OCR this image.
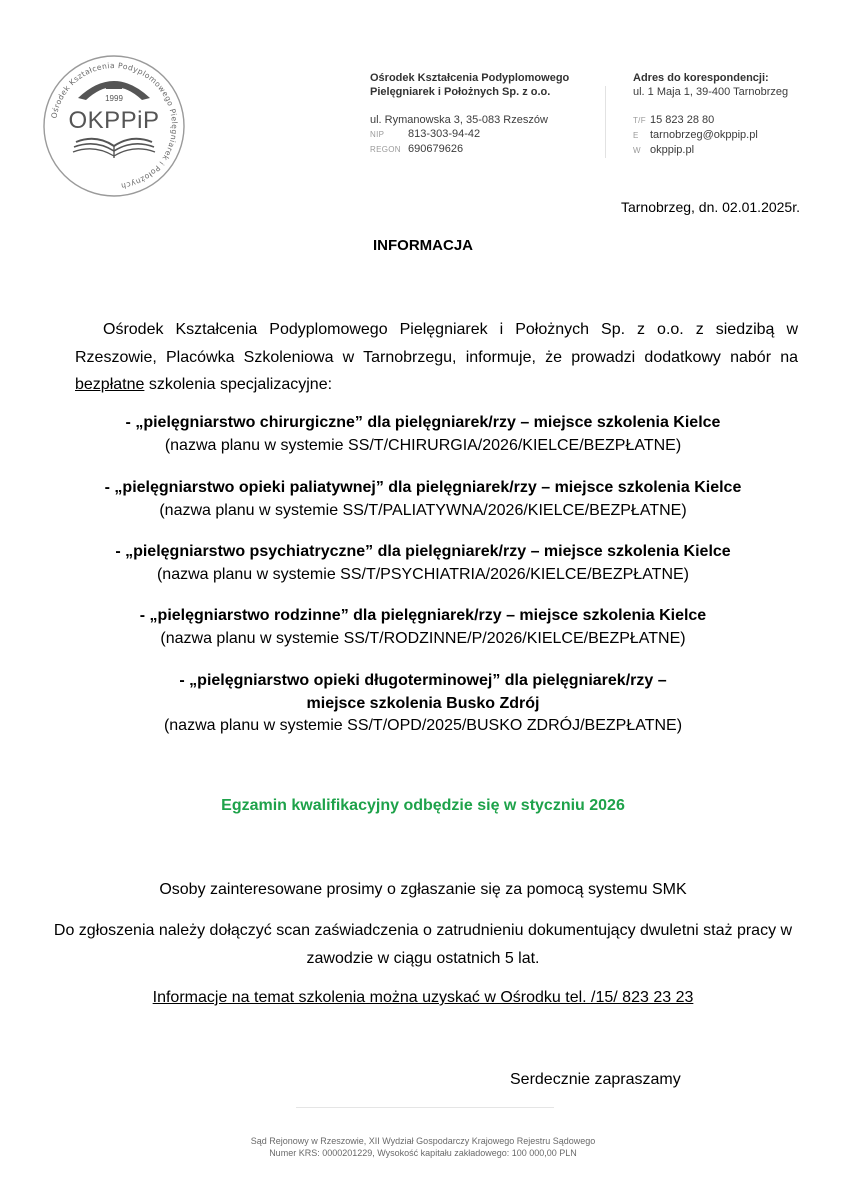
Ośrodek Kształcenia Podyplomowego Pielęgniarek i Położnych
1999
OKPPiP
Ośrodek Kształcenia Podyplomowego
Pielęgniarek i Położnych Sp. z o.o.
ul. Rymanowska 3, 35-083 Rzeszów
NIP 813-303-94-42
REGON 690679626
Adres do korespondencji:
ul. 1 Maja 1, 39-400 Tarnobrzeg
T/F 15 823 28 80
E tarnobrzeg@okppip.pl
W okppip.pl
Tarnobrzeg, dn. 02.01.2025r.
INFORMACJA
Ośrodek Kształcenia Podyplomowego Pielęgniarek i Położnych Sp. z o.o. z siedzibą w Rzeszowie, Placówka Szkoleniowa w Tarnobrzegu, informuje, że prowadzi dodatkowy nabór na bezpłatne szkolenia specjalizacyjne:
- „pielęgniarstwo chirurgiczne” dla pielęgniarek/rzy – miejsce szkolenia Kielce
(nazwa planu w systemie SS/T/CHIRURGIA/2026/KIELCE/BEZPŁATNE)
- „pielęgniarstwo opieki paliatywnej” dla pielęgniarek/rzy – miejsce szkolenia Kielce
(nazwa planu w systemie SS/T/PALIATYWNA/2026/KIELCE/BEZPŁATNE)
- „pielęgniarstwo psychiatryczne” dla pielęgniarek/rzy – miejsce szkolenia Kielce
(nazwa planu w systemie SS/T/PSYCHIATRIA/2026/KIELCE/BEZPŁATNE)
- „pielęgniarstwo rodzinne” dla pielęgniarek/rzy – miejsce szkolenia Kielce
(nazwa planu w systemie SS/T/RODZINNE/P/2026/KIELCE/BEZPŁATNE)
- „pielęgniarstwo opieki długoterminowej” dla pielęgniarek/rzy –
miejsce szkolenia Busko Zdrój
(nazwa planu w systemie SS/T/OPD/2025/BUSKO ZDRÓJ/BEZPŁATNE)
Egzamin kwalifikacyjny odbędzie się w styczniu 2026
Osoby zainteresowane prosimy o zgłaszanie się za pomocą systemu SMK
Do zgłoszenia należy dołączyć scan zaświadczenia o zatrudnieniu dokumentujący dwuletni staż pracy w zawodzie w ciągu ostatnich 5 lat.
Informacje na temat szkolenia można uzyskać w Ośrodku tel. /15/ 823 23 23
Serdecznie zapraszamy
Sąd Rejonowy w Rzeszowie, XII Wydział Gospodarczy Krajowego Rejestru Sądowego
Numer KRS: 0000201229, Wysokość kapitału zakładowego: 100 000,00 PLN
